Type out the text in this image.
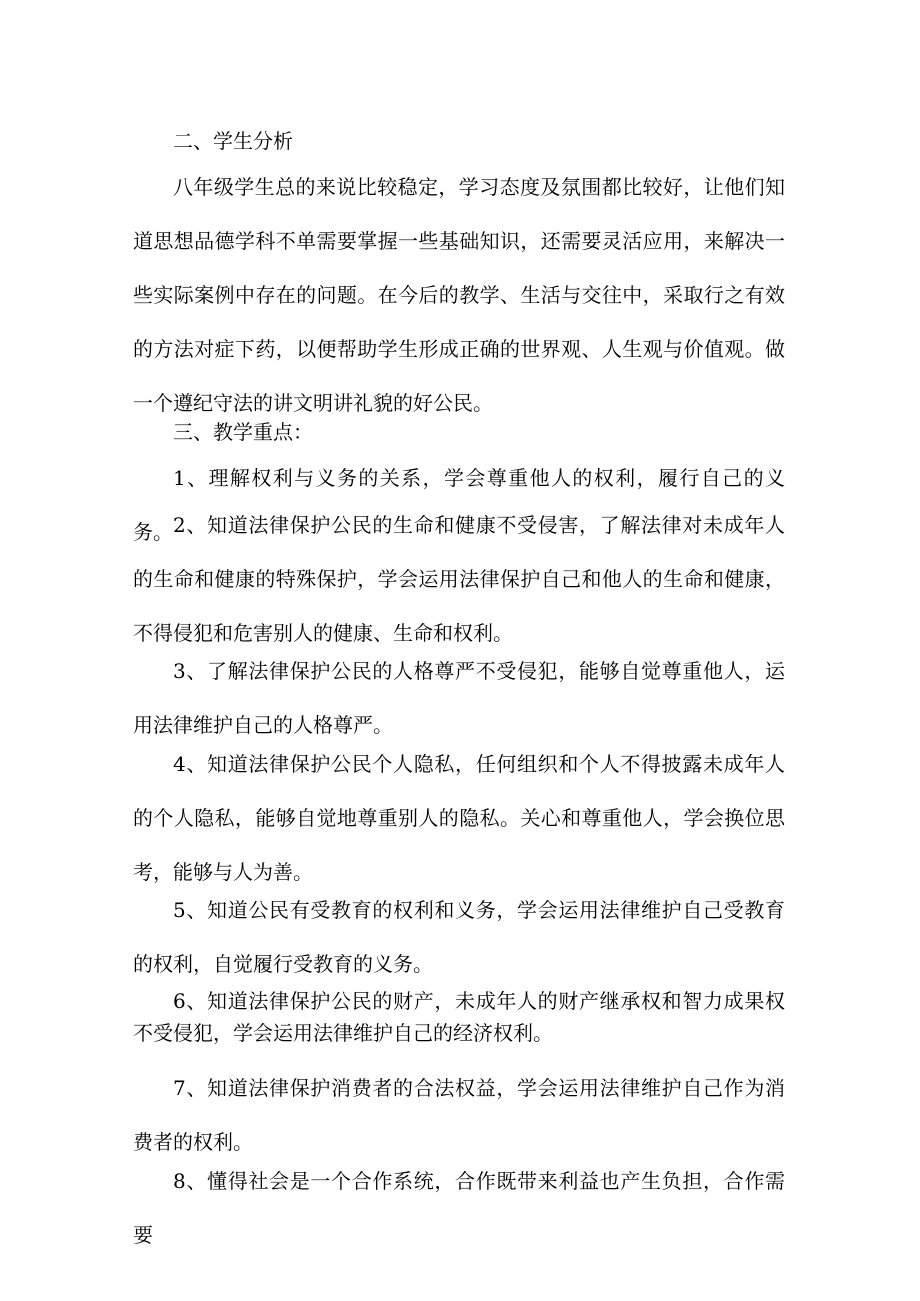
二、学生分析

八年级学生总的来说比较稳定，学习态度及氛围都比较好，让他们知道思想品德学科不单需要掌握一些基础知识，还需要灵活应用，来解决一些实际案例中存在的问题。在今后的教学、生活与交往中，采取行之有效的方法对症下药，以便帮助学生形成正确的世界观、人生观与价值观。做一个遵纪守法的讲文明讲礼貌的好公民。

三、教学重点：

1、理解权利与义务的关系，学会尊重他人的权利，履行自己的义务。 2、知道法律保护公民的生命和健康不受侵害，了解法律对未成年人的生命和健康的特殊保护，学会运用法律保护自己和他人的生命和健康，不得侵犯和危害别人的健康、生命和权利。

3、了解法律保护公民的人格尊严不受侵犯，能够自觉尊重他人，运用法律维护自己的人格尊严。

4、知道法律保护公民个人隐私，任何组织和个人不得披露未成年人的个人隐私，能够自觉地尊重别人的隐私。关心和尊重他人，学会换位思考，能够与人为善。

5、知道公民有受教育的权利和义务，学会运用法律维护自己受教育的权利，自觉履行受教育的义务。

6、知道法律保护公民的财产，未成年人的财产继承权和智力成果权不受侵犯，学会运用法律维护自己的经济权利。

7、知道法律保护消费者的合法权益，学会运用法律维护自己作为消费者的权利。

8、懂得社会是一个合作系统，合作既带来利益也产生负担，合作需要
